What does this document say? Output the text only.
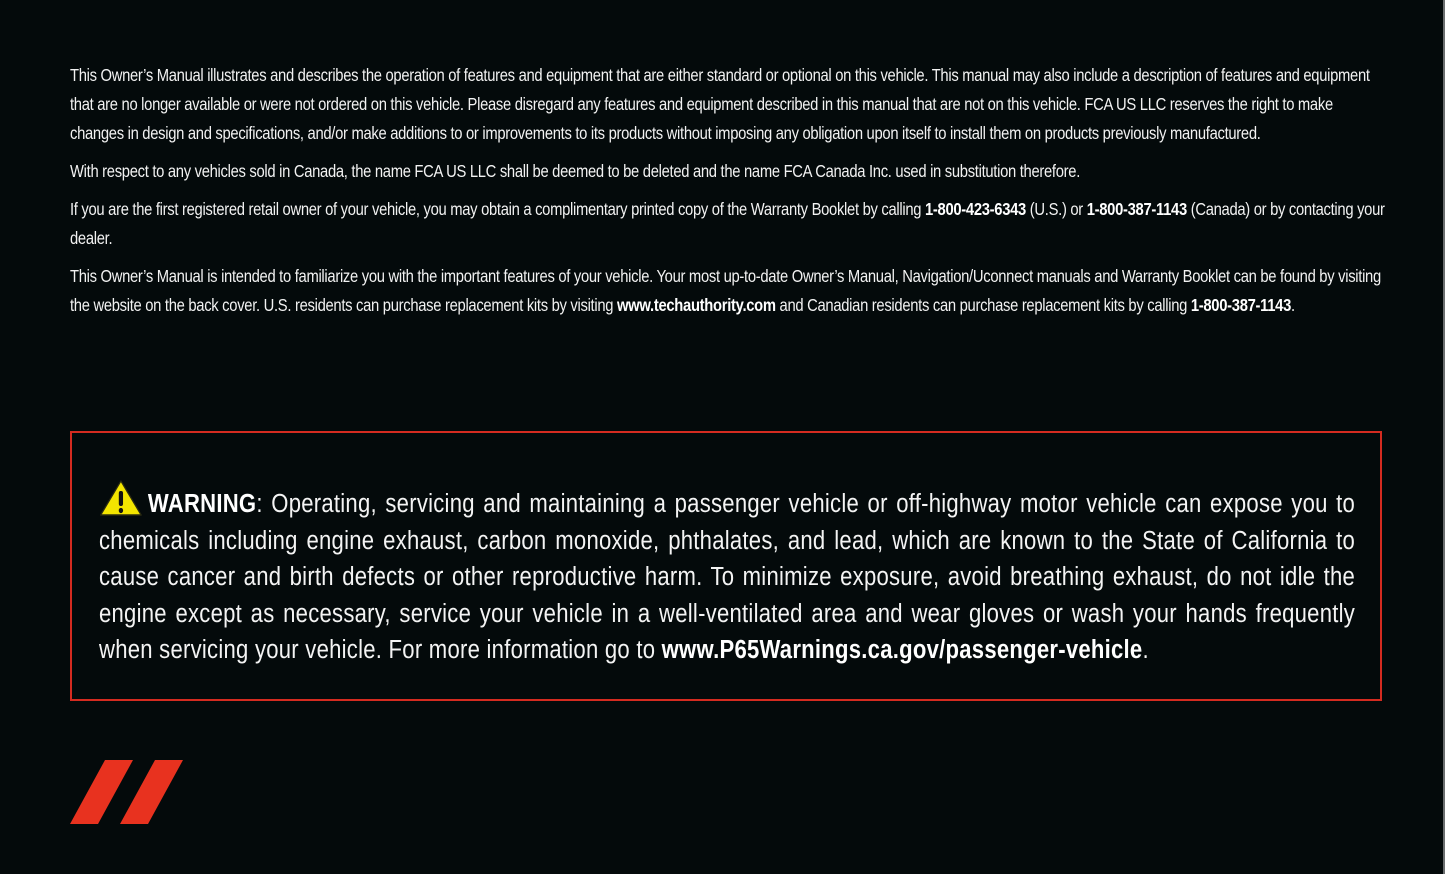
This Owner’s Manual illustrates and describes the operation of features and equipment that are either standard or optional on this vehicle. This manual may also include a description of features and equipment that are no longer available or were not ordered on this vehicle. Please disregard any features and equipment described in this manual that are not on this vehicle. FCA US LLC reserves the right to make changes in design and specifications, and/or make additions to or improvements to its products without imposing any obligation upon itself to install them on products previously manufactured.

With respect to any vehicles sold in Canada, the name FCA US LLC shall be deemed to be deleted and the name FCA Canada Inc. used in substitution therefore.

If you are the first registered retail owner of your vehicle, you may obtain a complimentary printed copy of the Warranty Booklet by calling 1-800-423-6343 (U.S.) or 1-800-387-1143 (Canada) or by contacting your dealer.

This Owner’s Manual is intended to familiarize you with the important features of your vehicle. Your most up-to-date Owner’s Manual, Navigation/Uconnect manuals and Warranty Booklet can be found by visiting the website on the back cover. U.S. residents can purchase replacement kits by visiting www.techauthority.com and Canadian residents can purchase replacement kits by calling 1-800-387-1143.

WARNING: Operating, servicing and maintaining a passenger vehicle or off-highway motor vehicle can expose you to chemicals including engine exhaust, carbon monoxide, phthalates, and lead, which are known to the State of California to cause cancer and birth defects or other reproductive harm. To minimize exposure, avoid breathing exhaust, do not idle the engine except as necessary, service your vehicle in a well-ventilated area and wear gloves or wash your hands frequently when servicing your vehicle. For more information go to www.P65Warnings.ca.gov/passenger-vehicle.
